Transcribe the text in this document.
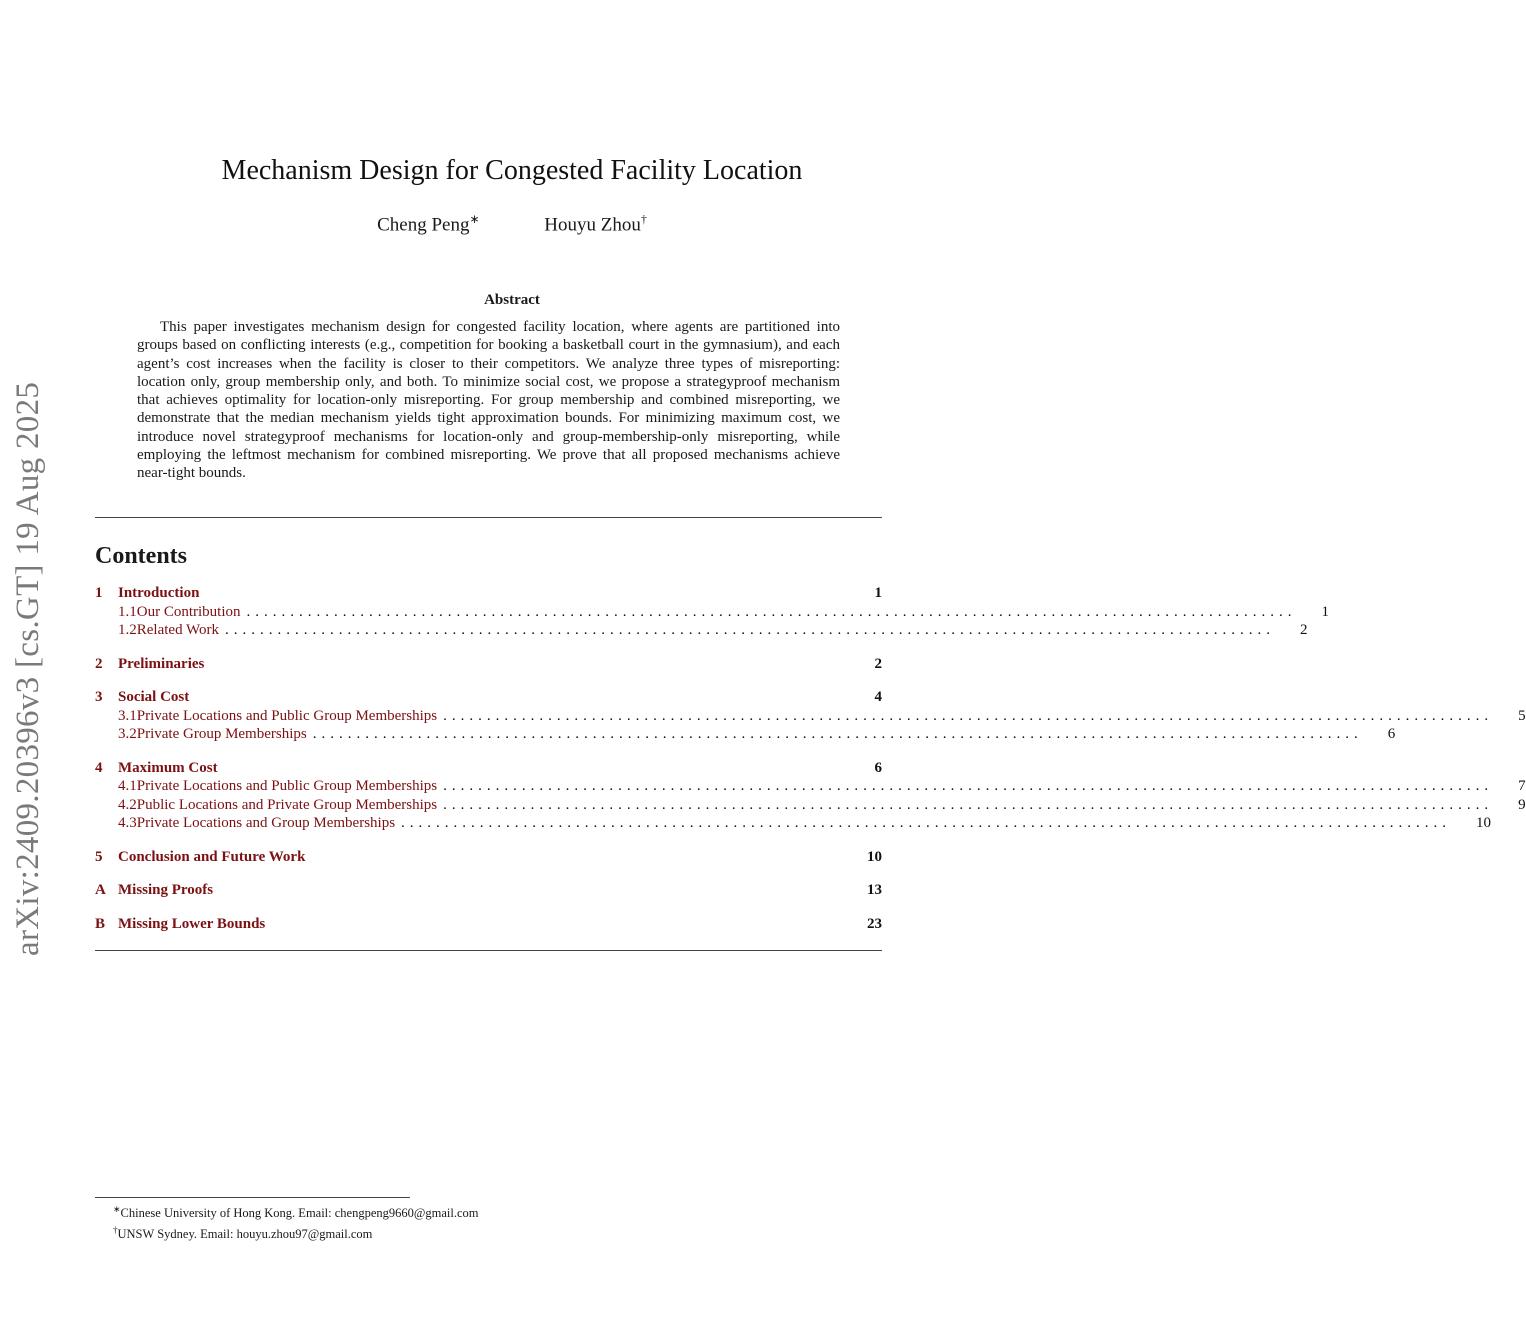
arXiv:2409.20396v3 [cs.GT] 19 Aug 2025
Mechanism Design for Congested Facility Location
Cheng Peng∗	Houyu Zhou†
Abstract
This paper investigates mechanism design for congested facility location, where agents are partitioned into groups based on conflicting interests (e.g., competition for booking a basketball court in the gymnasium), and each agent’s cost increases when the facility is closer to their competitors. We analyze three types of misreporting: location only, group membership only, and both. To minimize social cost, we propose a strategyproof mechanism that achieves optimality for location-only misreporting. For group membership and combined misreporting, we demonstrate that the median mechanism yields tight approximation bounds. For minimizing maximum cost, we introduce novel strategyproof mechanisms for location-only and group-membership-only misreporting, while employing the leftmost mechanism for combined misreporting. We prove that all proposed mechanisms achieve near-tight bounds.
Contents
1	Introduction	1
1.1 Our Contribution ........................................................................................................................	1
1.2 Related Work ........................................................................................................................	2
2	Preliminaries	2
3	Social Cost	4
3.1 Private Locations and Public Group Memberships ........................................................................................................................	5
3.2 Private Group Memberships ........................................................................................................................	6
4	Maximum Cost	6
4.1 Private Locations and Public Group Memberships ........................................................................................................................	7
4.2 Public Locations and Private Group Memberships ........................................................................................................................	9
4.3 Private Locations and Group Memberships ........................................................................................................................	10
5	Conclusion and Future Work	10
A Missing Proofs	13
B Missing Lower Bounds	23
∗Chinese University of Hong Kong. Email: chengpeng9660@gmail.com
†UNSW Sydney. Email: houyu.zhou97@gmail.com
